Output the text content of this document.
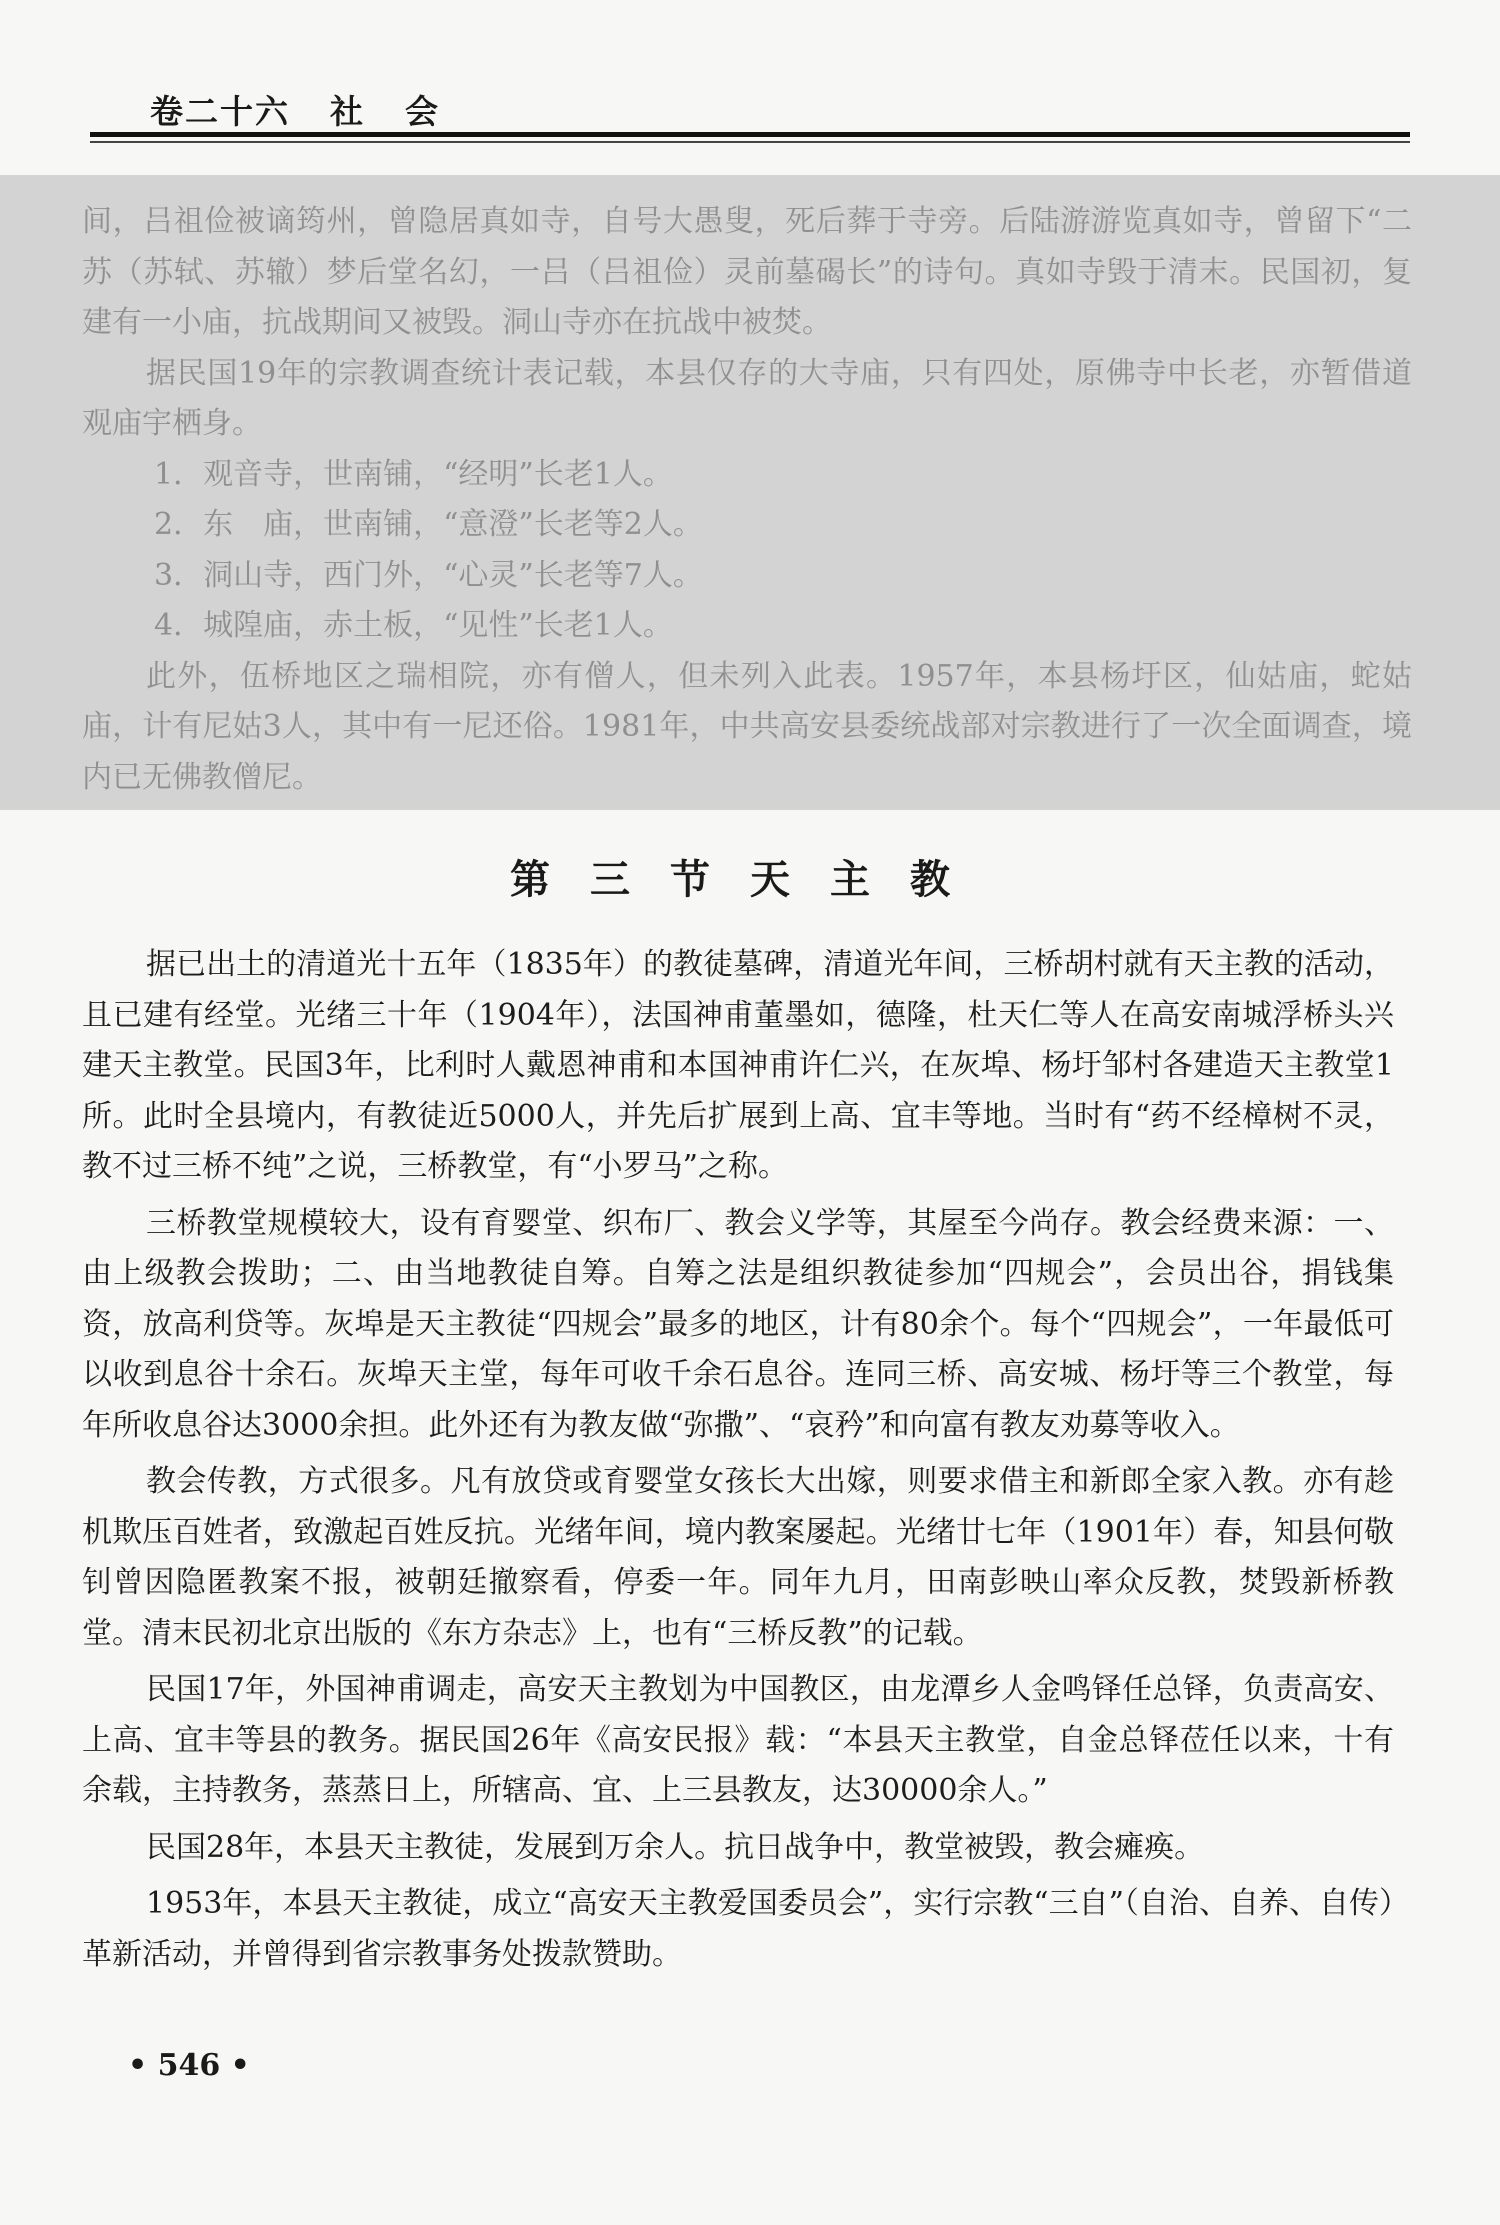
卷二十六 社 会

间，吕祖俭被谪筠州，曾隐居真如寺，自号大愚叟，死后葬于寺旁。后陆游游览真如寺，曾留下“二苏（苏轼、苏辙）梦后堂名幻，一吕（吕祖俭）灵前墓碣长”的诗句。真如寺毁于清末。民国初，复建有一小庙，抗战期间又被毁。洞山寺亦在抗战中被焚。

据民国19年的宗教调查统计表记载，本县仅存的大寺庙，只有四处，原佛寺中长老，亦暂借道观庙宇栖身。

1．观音寺，世南铺，“经明”长老1人。

2．东　庙，世南铺，“意澄”长老等2人。

3．洞山寺，西门外，“心灵”长老等7人。

4．城隍庙，赤土板，“见性”长老1人。

此外，伍桥地区之瑞相院，亦有僧人，但未列入此表。1957年，本县杨圩区，仙姑庙，蛇姑庙，计有尼姑3人，其中有一尼还俗。1981年，中共高安县委统战部对宗教进行了一次全面调查，境内已无佛教僧尼。

第三节天主教

据已出土的清道光十五年（1835年）的教徒墓碑，清道光年间，三桥胡村就有天主教的活动，且已建有经堂。光绪三十年（1904年），法国神甫董墨如，德隆，杜天仁等人在高安南城浮桥头兴建天主教堂。民国3年，比利时人戴恩神甫和本国神甫许仁兴，在灰埠、杨圩邹村各建造天主教堂1所。此时全县境内，有教徒近5000人，并先后扩展到上高、宜丰等地。当时有“药不经樟树不灵，教不过三桥不纯”之说，三桥教堂，有“小罗马”之称。

三桥教堂规模较大，设有育婴堂、织布厂、教会义学等，其屋至今尚存。教会经费来源：一、由上级教会拨助；二、由当地教徒自筹。自筹之法是组织教徒参加“四规会”，会员出谷，捐钱集资，放高利贷等。灰埠是天主教徒“四规会”最多的地区，计有80余个。每个“四规会”，一年最低可以收到息谷十余石。灰埠天主堂，每年可收千余石息谷。连同三桥、高安城、杨圩等三个教堂，每年所收息谷达3000余担。此外还有为教友做“弥撒”、“哀矜”和向富有教友劝募等收入。

教会传教，方式很多。凡有放贷或育婴堂女孩长大出嫁，则要求借主和新郎全家入教。亦有趁机欺压百姓者，致激起百姓反抗。光绪年间，境内教案屡起。光绪廿七年（1901年）春，知县何敬钊曾因隐匿教案不报，被朝廷撤察看，停委一年。同年九月，田南彭映山率众反教，焚毁新桥教堂。清末民初北京出版的《东方杂志》上，也有“三桥反教”的记载。

民国17年，外国神甫调走，高安天主教划为中国教区，由龙潭乡人金鸣铎任总铎，负责高安、上高、宜丰等县的教务。据民国26年《高安民报》载：“本县天主教堂，自金总铎莅任以来，十有余载，主持教务，蒸蒸日上，所辖高、宜、上三县教友，达30000余人。”

民国28年，本县天主教徒，发展到万余人。抗日战争中，教堂被毁，教会瘫痪。

1953年，本县天主教徒，成立“高安天主教爱国委员会”，实行宗教“三自”（自治、自养、自传）革新活动，并曾得到省宗教事务处拨款赞助。

• 546 •
